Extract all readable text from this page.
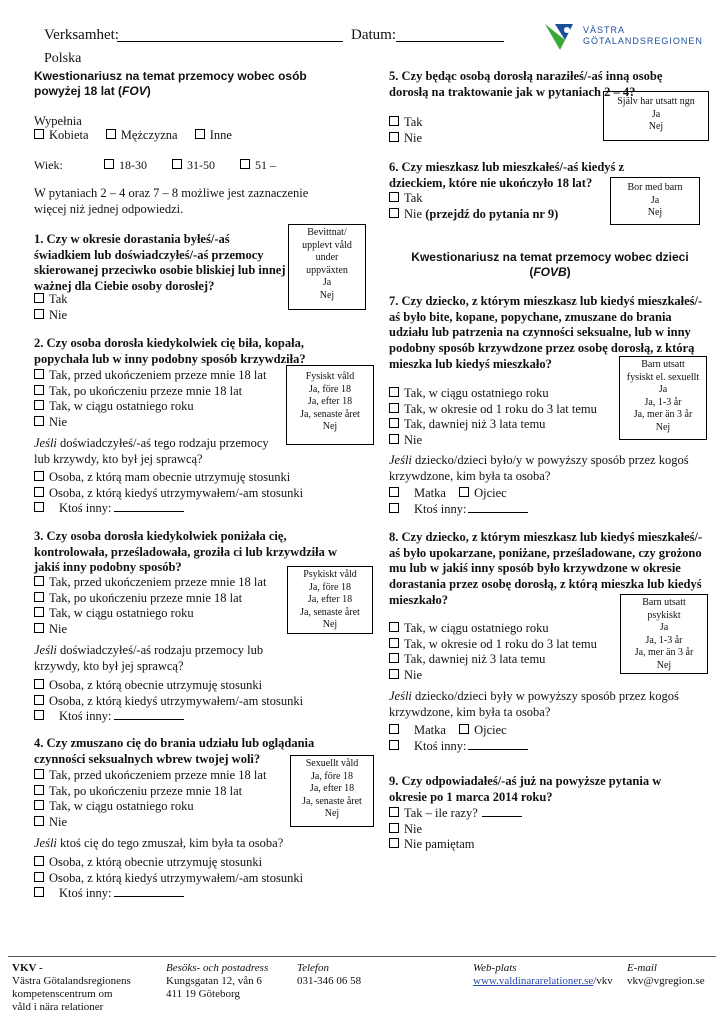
Verksamhet:	Datum:
Polska
VÄSTRA
GÖTALANDSREGIONEN
Kwestionariusz na temat przemocy wobec osób powyżej 18 lat (FOV)
Wypełnia
Kobieta	Mężczyzna	Inne
Wiek:	18-30	31-50	51 –
W pytaniach 2 – 4 oraz 7 – 8 możliwe jest zaznaczenie więcej niż jednej odpowiedzi.
1. Czy w okresie dorastania byłeś/-aś świadkiem lub doświadczyłeś/-aś przemocy skierowanej przeciwko osobie bliskiej lub innej ważnej dla Ciebie osoby dorosłej?
Tak
Nie
Bevittnat/
upplevt våld
under
uppväxten
Ja
Nej
2. Czy osoba dorosła kiedykolwiek cię biła, kopała, popychała lub w inny podobny sposób krzywdziła?
Tak, przed ukończeniem przeze mnie 18 lat
Tak, po ukończeniu przeze mnie 18 lat
Tak, w ciągu ostatniego roku
Nie
Fysiskt våld
Ja, före 18
Ja, efter 18
Ja, senaste året
Nej
Jeśli doświadczyłeś/-aś tego rodzaju przemocy lub krzywdy, kto był jej sprawcą?
Osoba, z którą mam obecnie utrzymuję stosunki
Osoba, z którą kiedyś utrzymywałem/-am stosunki
Ktoś inny:
3. Czy osoba dorosła kiedykolwiek poniżała cię, kontrolowała, prześladowała, groziła ci lub krzywdziła w jakiś inny podobny sposób?
Tak, przed ukończeniem przeze mnie 18 lat
Tak, po ukończeniu przeze mnie 18 lat
Tak, w ciągu ostatniego roku
Nie
Psykiskt våld
Ja, före 18
Ja, efter 18
Ja, senaste året
Nej
Jeśli doświadczyłeś/-aś rodzaju przemocy lub krzywdy, kto był jej sprawcą?
Osoba, z którą obecnie utrzymuję stosunki
Osoba, z którą kiedyś utrzymywałem/-am stosunki
Ktoś inny:
4. Czy zmuszano cię do brania udziału lub oglądania czynności seksualnych wbrew twojej woli?
Tak, przed ukończeniem przeze mnie 18 lat
Tak, po ukończeniu przeze mnie 18 lat
Tak, w ciągu ostatniego roku
Nie
Sexuellt våld
Ja, före 18
Ja, efter 18
Ja, senaste året
Nej
Jeśli ktoś cię do tego zmuszał, kim była ta osoba?
Osoba, z którą obecnie utrzymuję stosunki
Osoba, z którą kiedyś utrzymywałem/-am stosunki
Ktoś inny:
5. Czy będąc osobą dorosłą naraziłeś/-aś inną osobę dorosłą na traktowanie jak w pytaniach 2 – 4?
Tak
Nie
Själv har utsatt ngn
Ja
Nej
6. Czy mieszkasz lub mieszkałeś/-aś kiedyś z dzieckiem, które nie ukończyło 18 lat?
Tak
Nie (przejdź do pytania nr 9)
Bor med barn
Ja
Nej
Kwestionariusz na temat przemocy wobec dzieci (FOVB)
7. Czy dziecko, z którym mieszkasz lub kiedyś mieszkałeś/-aś było bite, kopane, popychane, zmuszane do brania udziału lub patrzenia na czynności seksualne, lub w inny podobny sposób krzywdzone przez osobę dorosłą, z którą mieszka lub kiedyś mieszkało?
Tak, w ciągu ostatniego roku
Tak, w okresie od 1 roku do 3 lat temu
Tak, dawniej niż 3 lata temu
Nie
Barn utsatt
fysiskt el. sexuellt
Ja
Ja, 1-3 år
Ja, mer än 3 år
Nej
Jeśli dziecko/dzieci było/y w powyższy sposób przez kogoś krzywdzone, kim była ta osoba?
Matka Ojciec
Ktoś inny:
8. Czy dziecko, z którym mieszkasz lub kiedyś mieszkałeś/-aś było upokarzane, poniżane, prześladowane, czy grożono mu lub w jakiś inny sposób było krzywdzone w okresie dorastania przez osobę dorosłą, z którą mieszka lub kiedyś mieszkało?
Tak, w ciągu ostatniego roku
Tak, w okresie od 1 roku do 3 lat temu
Tak, dawniej niż 3 lata temu
Nie
Barn utsatt
psykiskt
Ja
Ja, 1-3 år
Ja, mer än 3 år
Nej
Jeśli dziecko/dzieci były w powyższy sposób przez kogoś krzywdzone, kim była ta osoba?
Matka Ojciec
Ktoś inny:
9. Czy odpowiadałeś/-aś już na powyższe pytania w okresie po 1 marca 2014 roku?
Tak – ile razy?
Nie
Nie pamiętam
VKV -
Västra Götalandsregionens
kompetenscentrum om
våld i nära relationer
Besöks- och postadress
Kungsgatan 12, vån 6
411 19 Göteborg
Telefon
031-346 06 58
Web-plats
www.valdinararelationer.se/vkv
E-mail
vkv@vgregion.se
